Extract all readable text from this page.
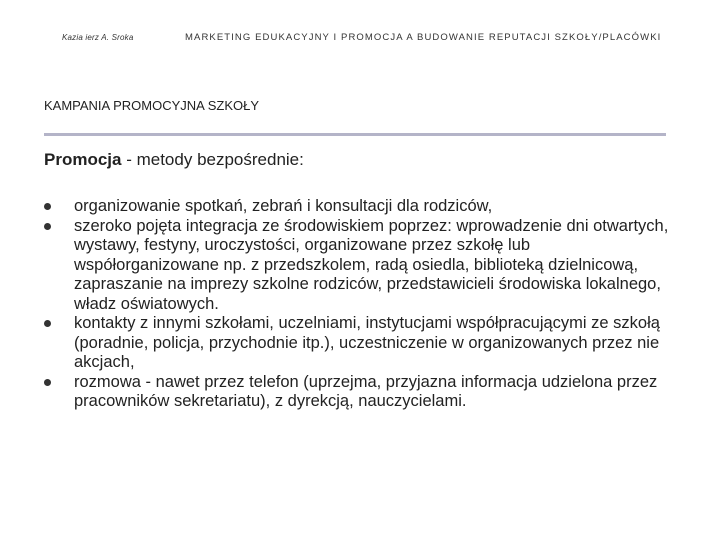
Kazia ierz A. Sroka	MARKETING EDUKACYJNY I PROMOCJA A BUDOWANIE REPUTACJI SZKOŁY/PLACÓWKI
KAMPANIA PROMOCYJNA SZKOŁY
Promocja - metody bezpośrednie:
organizowanie spotkań, zebrań i konsultacji dla rodziców,
szeroko pojęta integracja ze środowiskiem poprzez: wprowadzenie dni otwartych, wystawy, festyny, uroczystości, organizowane przez szkołę lub współorganizowane np. z przedszkolem, radą osiedla, biblioteką dzielnicową, zapraszanie na imprezy szkolne rodziców, przedstawicieli środowiska lokalnego, władz oświatowych.
kontakty z innymi szkołami, uczelniami, instytucjami współpracującymi ze szkołą (poradnie, policja, przychodnie itp.), uczestniczenie w organizowanych przez nie akcjach,
rozmowa - nawet przez telefon (uprzejma, przyjazna informacja udzielona przez pracowników sekretariatu), z dyrekcją, nauczycielami.
